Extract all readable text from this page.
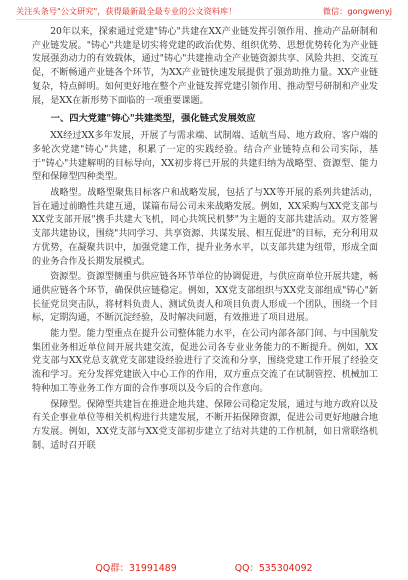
关注头条号"公文研究"，获得最新最全最专业的公文资料库！	微信：gongwenyj

20年以来，探索通过党建"铸心"共建在XX产业链发挥引领作用、推动产品研制和产业链发展。"铸心"共建是切实将党建的政治优势、组织优势、思想优势转化为产业链发展强劲动力的有效载体，通过"铸心"共建推动全产业链资源共享、风险共担、交流互促，不断畅通产业链各个环节，为XX产业链快速发展提供了强劲助推力量。XX产业链复杂，特点鲜明。如何更好地在整个产业链发挥党建引领作用、推动型号研制和产业发展，是XX在新形势下面临的一项重要课题。

一、四大党建"铸心"共建类型，强化链式发展效应

XX经过XX多年发展，开展了与需求端、试制端、适航当局、地方政府、客户端的多轮次党建"铸心"共建，积累了一定的实践经验。结合产业链特点和公司实际，基于"铸心"共建解明的目标导向，XX初步将已开展的共建归纳为战略型、资源型、能力型和保障型四种类型。

战略型。战略型聚焦目标客户和战略发展，包括了与XX等开展的系列共建活动，旨在通过前瞻性共建互通，谋篇布局公司未来战略发展。例如，XX采购与XX党支部与XX党支部开展"携手共建大飞机，同心共筑民机梦"为主题的支部共建活动。双方签署支部共建协议，围绕"共同学习、共享资源、共谋发展、相互促进"的目标，充分利用双方优势，在凝聚共识中，加强党建工作，提升业务水平，以支部共建为纽带，形成全面的业务合作及长期发展模式。

资源型。资源型侧重与供应链各环节单位的协调促进，与供应商单位开展共建，畅通供应链各个环节，确保供应链稳定。例如，XX党支部组织与XX党支部组成"铸心"新长征党员突击队，将材料负责人、测试负责人和项目负责人形成一个团队，围绕一个目标，定期沟通，不断沉淀经验，及时解决问题，有效推进了项目进展。

能力型。能力型重点在提升公司整体能力水平，在公司内部各部门间、与中国航发集团业务相近单位间开展共建交流，促进公司各专业业务能力的不断提升。例如，XX党支部与XX党总支就党支部建设经验进行了交流和分享，围绕党建工作开展了经验交流和学习。充分发挥党建嵌入中心工作的作用，双方重点交流了在试制管控、机械加工特种加工等业务工作方面的合作事项以及今后的合作意向。

保障型。保障型共建旨在推进企地共建、保障公司稳定发展，通过与地方政府以及有关企事业单位等相关机构进行共建发展，不断开拓保障资源，促进公司更好地融合地方发展。例如，XX党支部与XX党支部初步建立了结对共建的工作机制，如日常联络机制、适时召开联

QQ群：31991489	QQ：535304092
